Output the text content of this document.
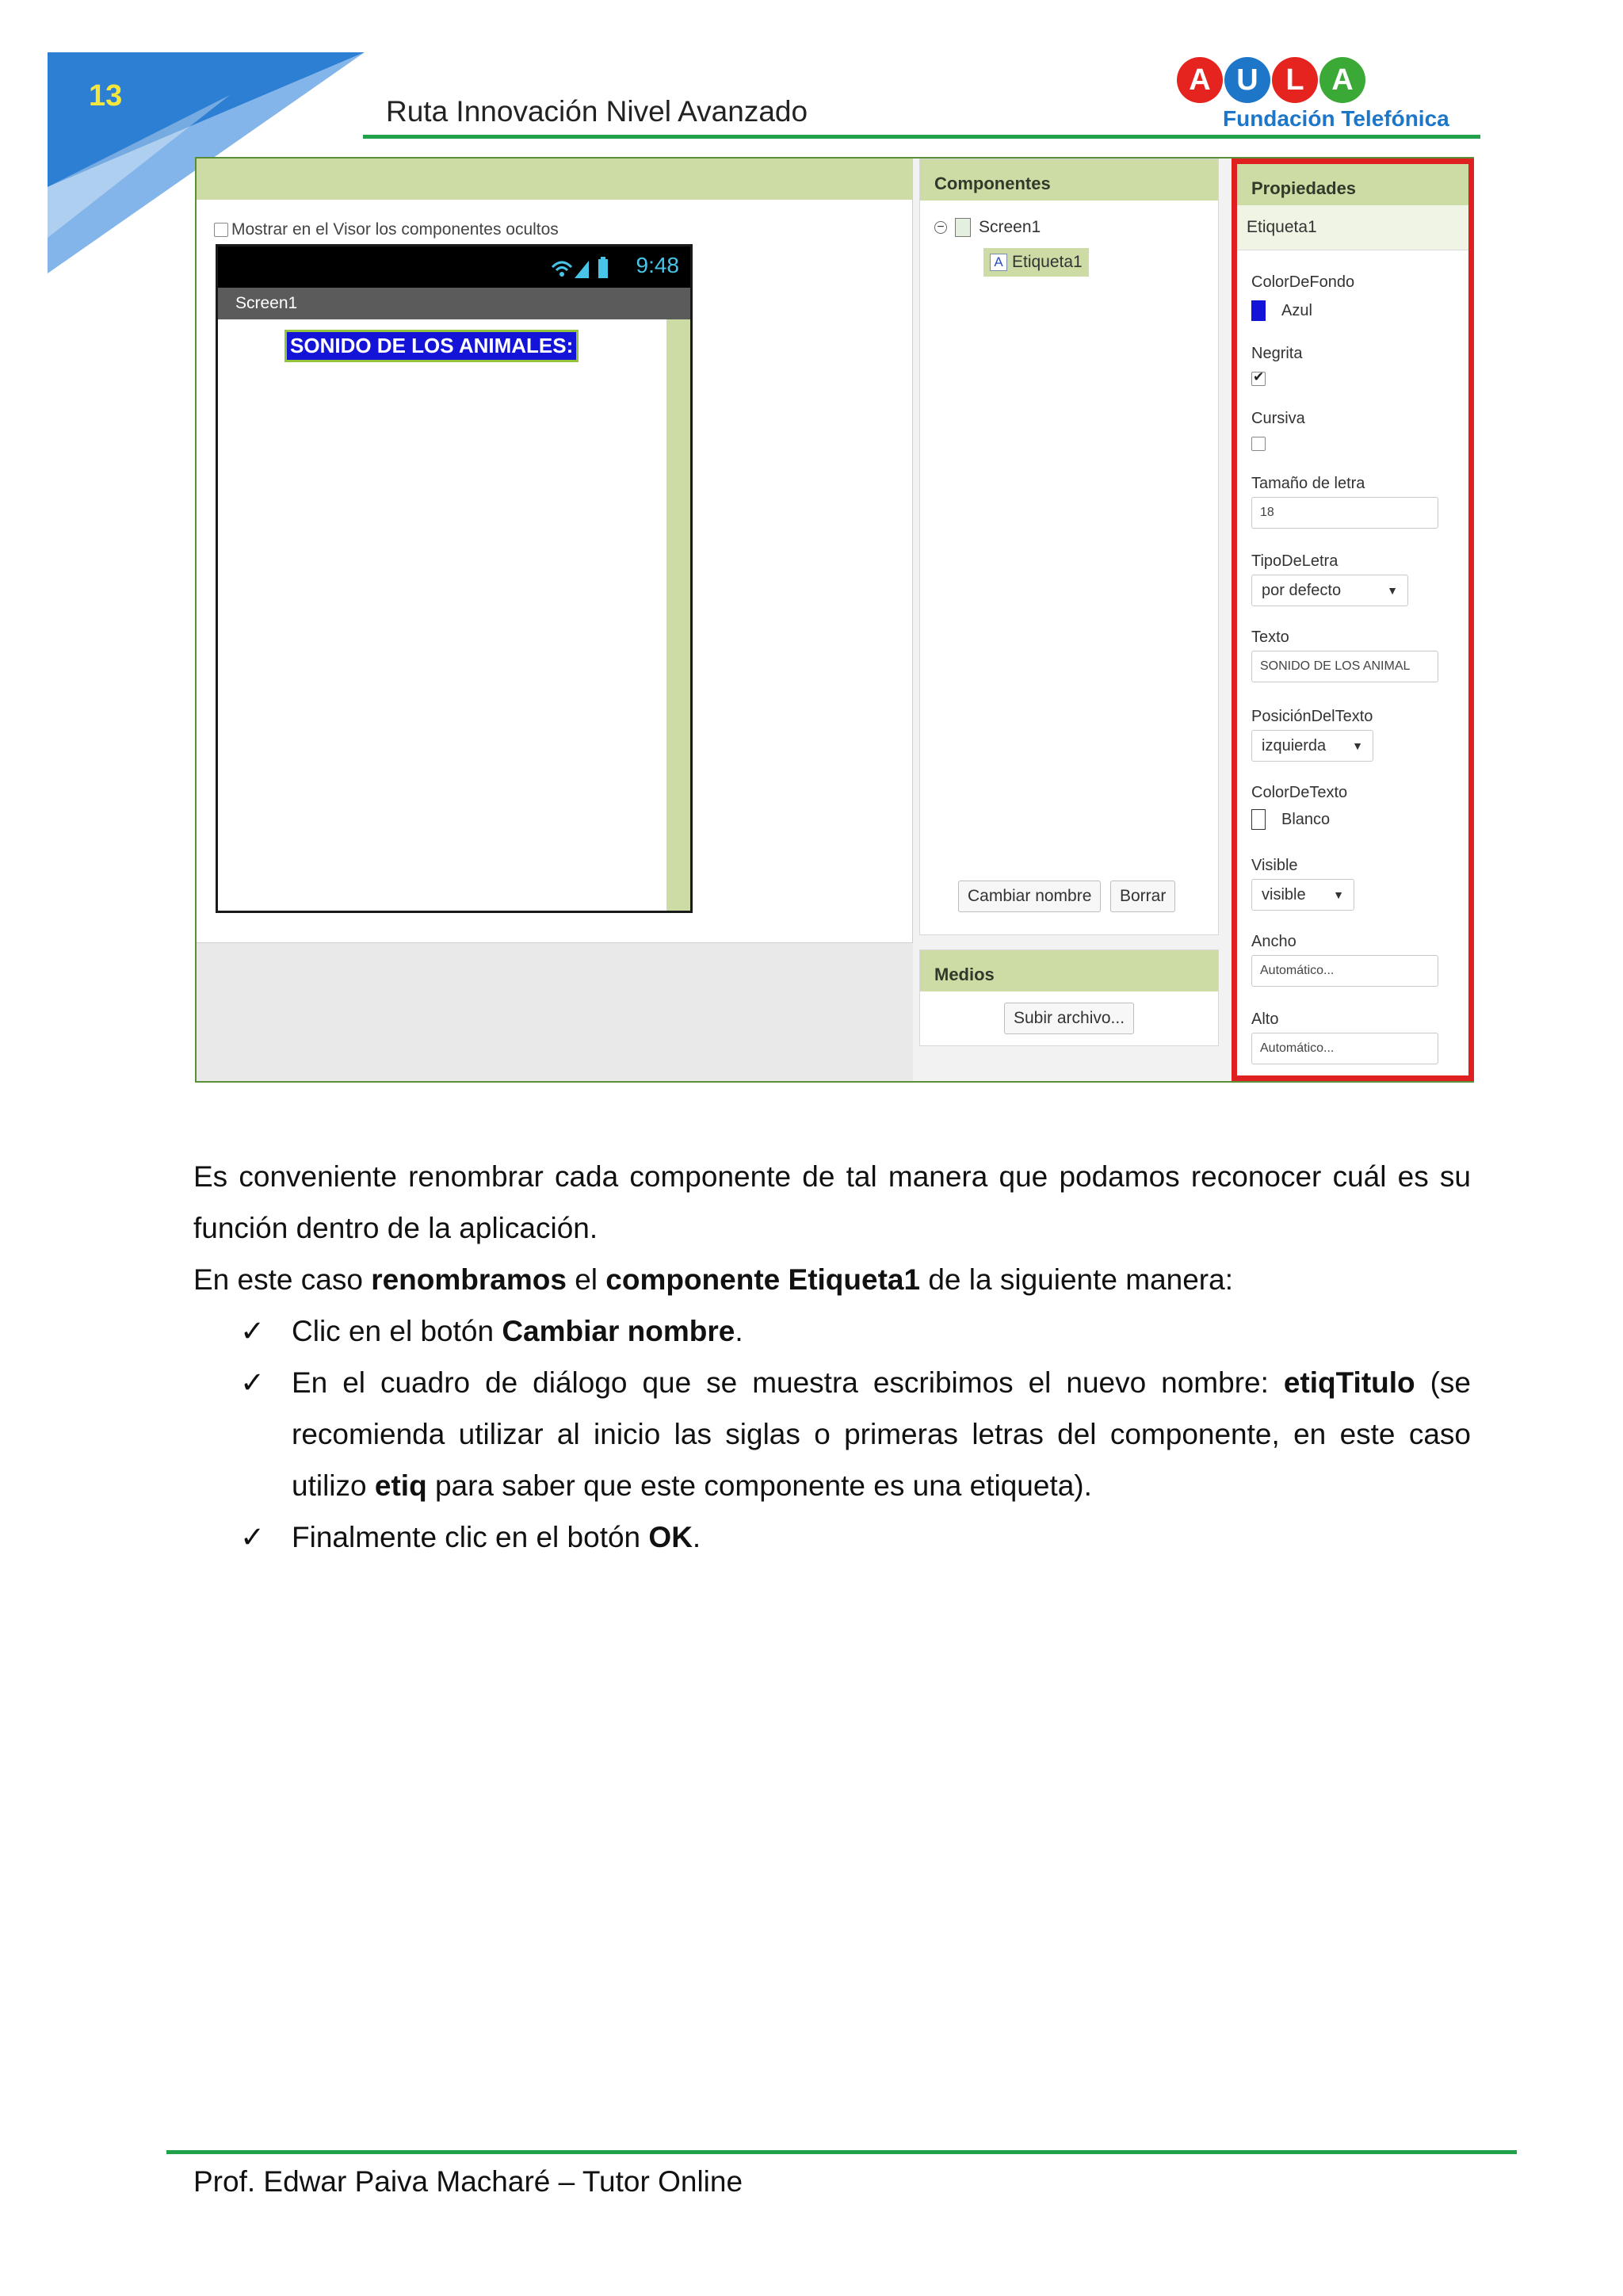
13	Ruta Innovación Nivel Avanzado
A U L A
Fundación Telefónica
Mostrar en el Visor los componentes ocultos
9:48
Screen1
SONIDO DE LOS ANIMALES:
Componentes
− Screen1
A Etiqueta1
Cambiar nombre	Borrar
Medios
Subir archivo...
Propiedades
Etiqueta1
ColorDeFondo
Azul
Negrita
✔
Cursiva
Tamaño de letra
18
TipoDeLetra
por defecto	▼
Texto
SONIDO DE LOS ANIMAL
PosiciónDelTexto
izquierda ▼
ColorDeTexto
Blanco
Visible
visible ▼
Ancho
Automático...
Alto
Automático...
Es conveniente renombrar cada componente de tal manera que podamos reconocer cuál es su
función dentro de la aplicación.
En este caso renombramos el componente Etiqueta1 de la siguiente manera:
✓ Clic en el botón Cambiar nombre.
✓ En el cuadro de diálogo que se muestra escribimos el nuevo nombre: etiqTitulo (se
recomienda utilizar al inicio las siglas o primeras letras del componente, en este caso
utilizo etiq para saber que este componente es una etiqueta).
✓ Finalmente clic en el botón OK.
Prof. Edwar Paiva Macharé – Tutor Online
